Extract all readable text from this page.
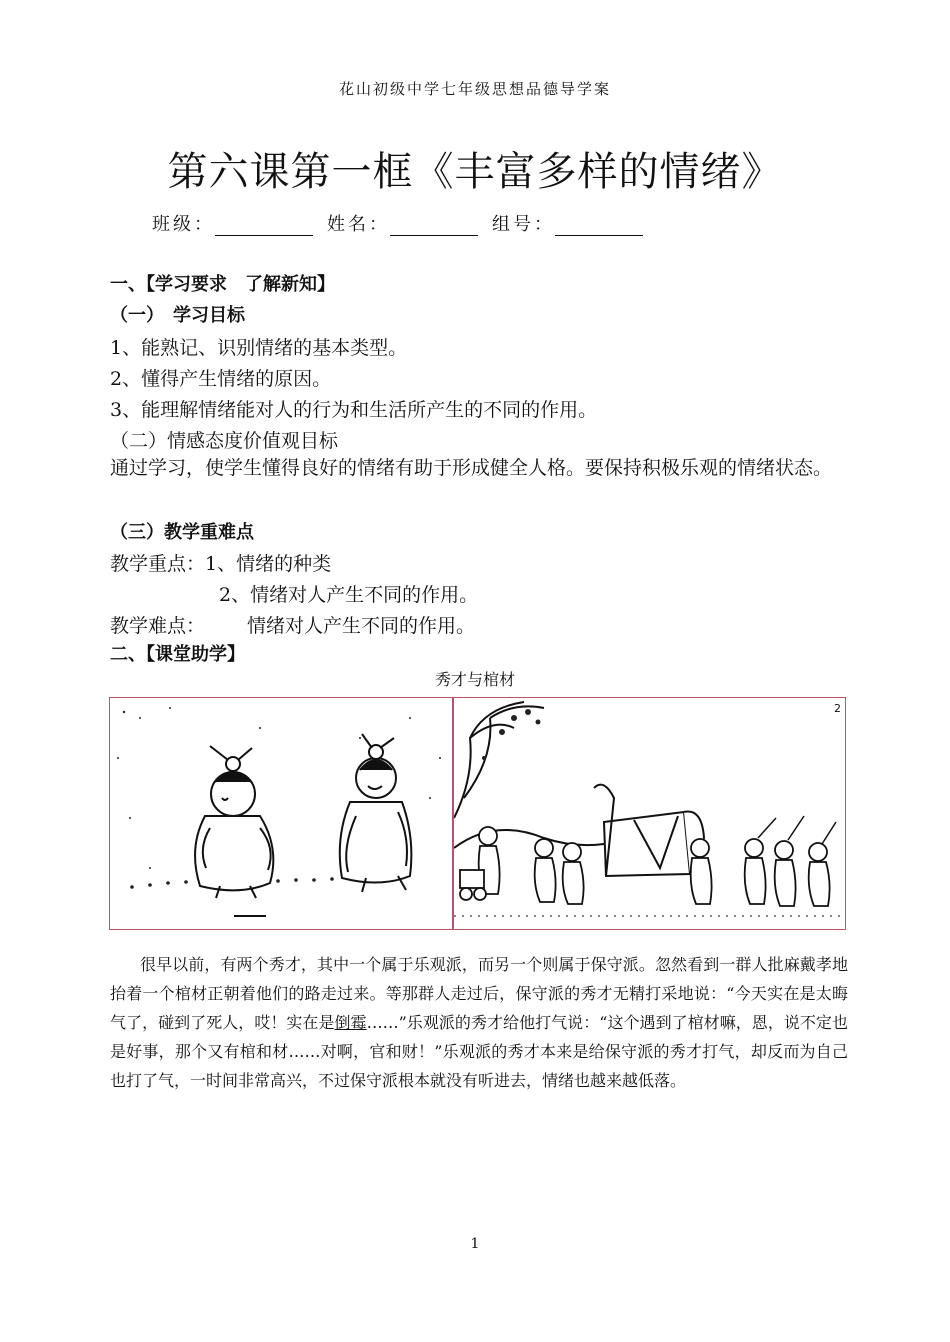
花山初级中学七年级思想品德导学案
第六课第一框《丰富多样的情绪》
班级：	姓名：	组号：
一、【学习要求　了解新知】
（一）　学习目标
1、能熟记、识别情绪的基本类型。
2、懂得产生情绪的原因。
3、能理解情绪能对人的行为和生活所产生的不同的作用。
（二）情感态度价值观目标
通过学习，使学生懂得良好的情绪有助于形成健全人格。要保持积极乐观的情绪状态。
（三）教学重难点
教学重点：1、情绪的种类
2、情绪对人产生不同的作用。
教学难点： 情绪对人产生不同的作用。
二、【课堂助学】
秀才与棺材
2
很早以前，有两个秀才，其中一个属于乐观派，而另一个则属于保守派。忽然看到一群人批麻戴孝地抬着一个棺材正朝着他们的路走过来。等那群人走过后，保守派的秀才无精打采地说：“今天实在是太晦气了，碰到了死人，哎！实在是倒霉……”乐观派的秀才给他打气说：“这个遇到了棺材嘛，恩，说不定也是好事，那个又有棺和材……对啊，官和财！”乐观派的秀才本来是给保守派的秀才打气，却反而为自己也打了气，一时间非常高兴，不过保守派根本就没有听进去，情绪也越来越低落。
1
